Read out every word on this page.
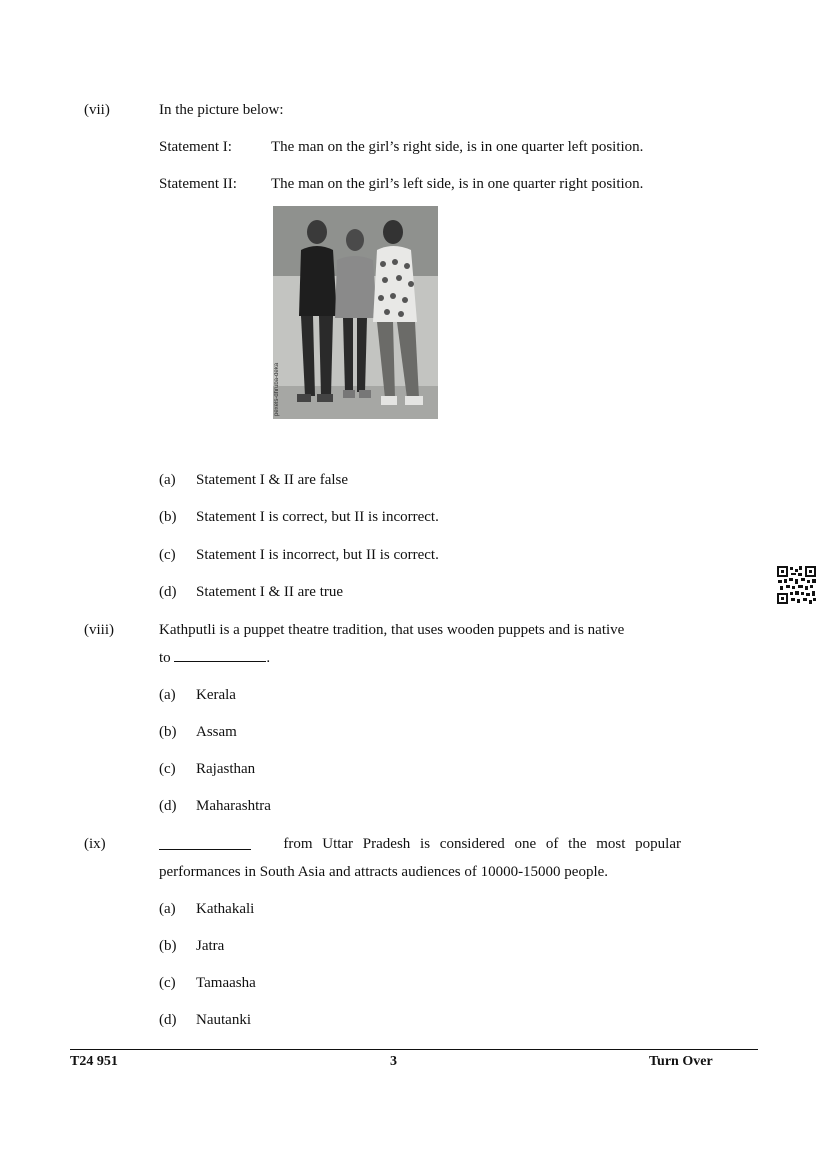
(vii)	In the picture below:
Statement I:	The man on the girl’s right side, is in one quarter left position.
Statement II: The man on the girl’s left side, is in one quarter right position.
pexels-dhruba-deka
(a) Statement I & II are false
(b) Statement I is correct, but II is incorrect.
(c) Statement I is incorrect, but II is correct.
(d) Statement I & II are true
(viii)	Kathputli is a puppet theatre tradition, that uses wooden puppets and is native
to	.
(a) Kerala
(b) Assam
(c) Rajasthan
(d) Maharashtra
(ix)	from Uttar Pradesh is considered one of the most popular
performances in South Asia and attracts audiences of 10000-15000 people.
(a) Kathakali
(b) Jatra
(c) Tamaasha
(d) Nautanki
T24 951	3	Turn Over
